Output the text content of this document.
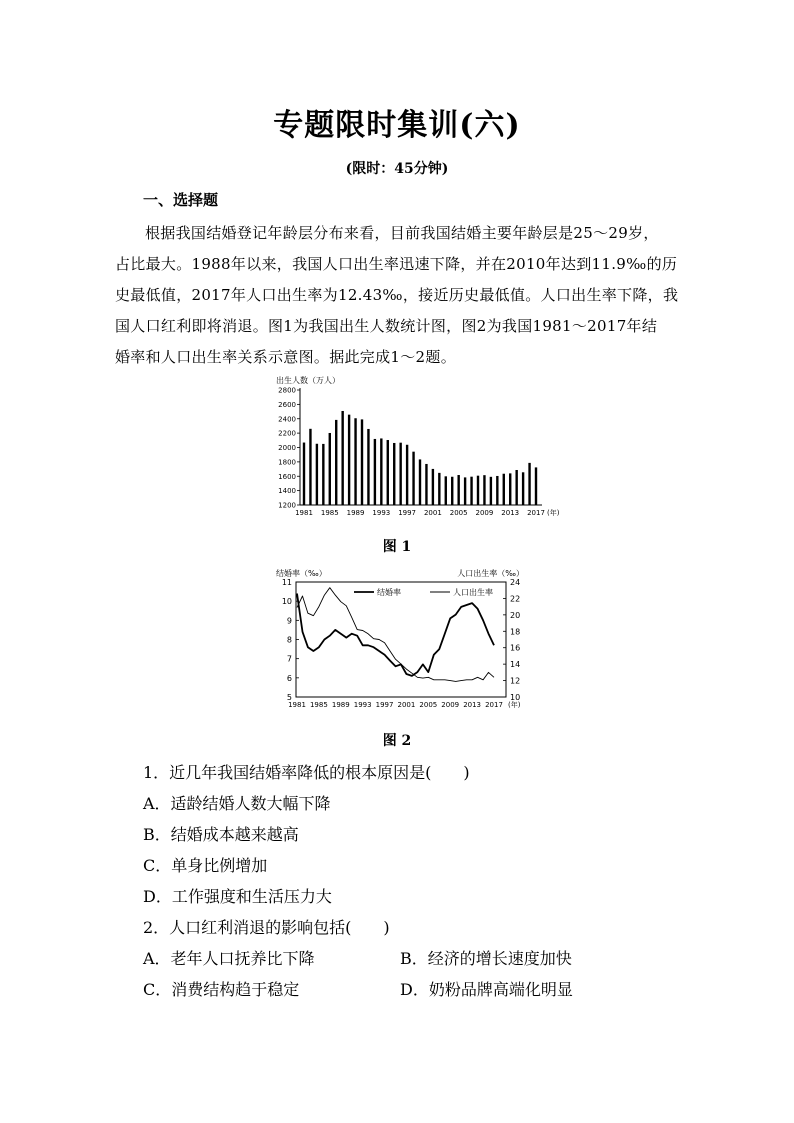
专题限时集训(六)
(限时：45分钟)
一、选择题
根据我国结婚登记年龄层分布来看，目前我国结婚主要年龄层是25～29岁，
占比最大。1988年以来，我国人口出生率迅速下降，并在2010年达到11.9‰的历
史最低值，2017年人口出生率为12.43‰，接近历史最低值。人口出生率下降，我
国人口红利即将消退。图1为我国出生人数统计图，图2为我国1981～2017年结
婚率和人口出生率关系示意图。据此完成1～2题。
出生人数（万人）
1200
1400
1600
1800
2000
2200
2400
2600
2800
1981 1985 1989 1993 1997 2001 2005 2009 2013 2017 (年)
图 1
结婚率（‰）	人口出生率（‰）
5
6
7
8
9
10
11
10
12
14
16
18
20
22
24
1981 1985 1989 1993 1997 2001 2005 2009 2013 2017 (年)
结婚率	人口出生率
图 2
1．近几年我国结婚率降低的根本原因是(　　)
A．适龄结婚人数大幅下降
B．结婚成本越来越高
C．单身比例增加
D．工作强度和生活压力大
2．人口红利消退的影响包括(　　)
A．老年人口抚养比下降	B．经济的增长速度加快
C．消费结构趋于稳定	D．奶粉品牌高端化明显
